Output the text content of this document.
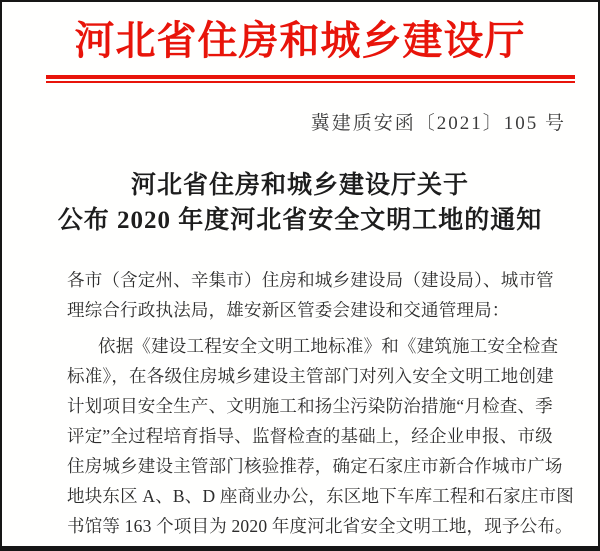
河北省住房和城乡建设厅
冀建质安函〔2021〕105 号
河北省住房和城乡建设厅关于
公布 2020 年度河北省安全文明工地的通知
各市（含定州、辛集市）住房和城乡建设局（建设局）、城市管
理综合行政执法局，雄安新区管委会建设和交通管理局：
依据《建设工程安全文明工地标准》和《建筑施工安全检查
标准》，在各级住房城乡建设主管部门对列入安全文明工地创建
计划项目安全生产、文明施工和扬尘污染防治措施“月检查、季
评定”全过程培育指导、监督检查的基础上，经企业申报、市级
住房城乡建设主管部门核验推荐，确定石家庄市新合作城市广场
地块东区 A、B、D 座商业办公，东区地下车库工程和石家庄市图
书馆等 163 个项目为 2020 年度河北省安全文明工地，现予公布。
